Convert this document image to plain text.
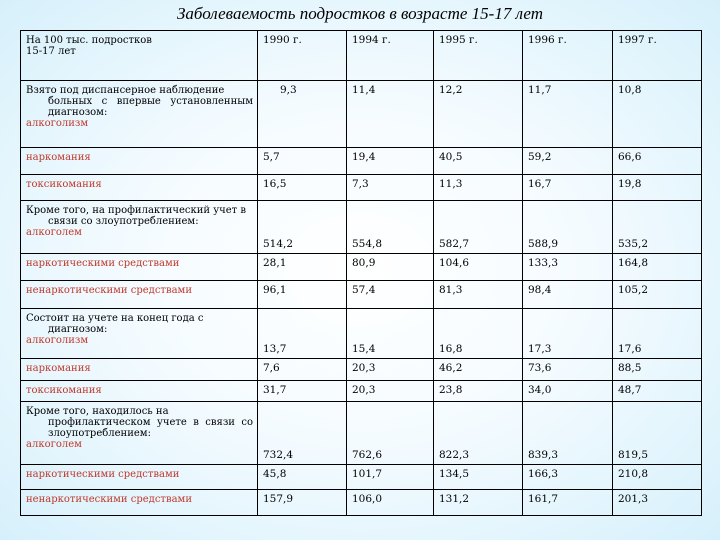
Заболеваемость подростков в возрасте 15-17 лет
На 100 тыс. подростков
15-17 лет	1990 г.	1994 г.	1995 г.	1996 г.	1997 г.

Взято под диспансерное наблюдение
больных с впервые установленным диагнозом:
алкоголизм	9,3	11,4	12,2	11,7	10,8
наркомания	5,7	19,4	40,5	59,2	66,6
токсикомания	16,5	7,3	11,3	16,7	19,8

Кроме того, на профилактический учет в
связи со злоупотреблением:
алкоголем	514,2	554,8	582,7	588,9	535,2
наркотическими средствами	28,1	80,9	104,6	133,3	164,8
ненаркотическими средствами	96,1	57,4	81,3	98,4	105,2

Состоит на учете на конец года с
диагнозом:
алкоголизм	13,7	15,4	16,8	17,3	17,6
наркомания	7,6	20,3	46,2	73,6	88,5
токсикомания	31,7	20,3	23,8	34,0	48,7

Кроме того, находилось на
профилактическом учете в связи со злоупотреблением:
алкоголем	732,4	762,6	822,3	839,3	819,5
наркотическими средствами	45,8	101,7	134,5	166,3	210,8
ненаркотическими средствами	157,9	106,0	131,2	161,7	201,3
